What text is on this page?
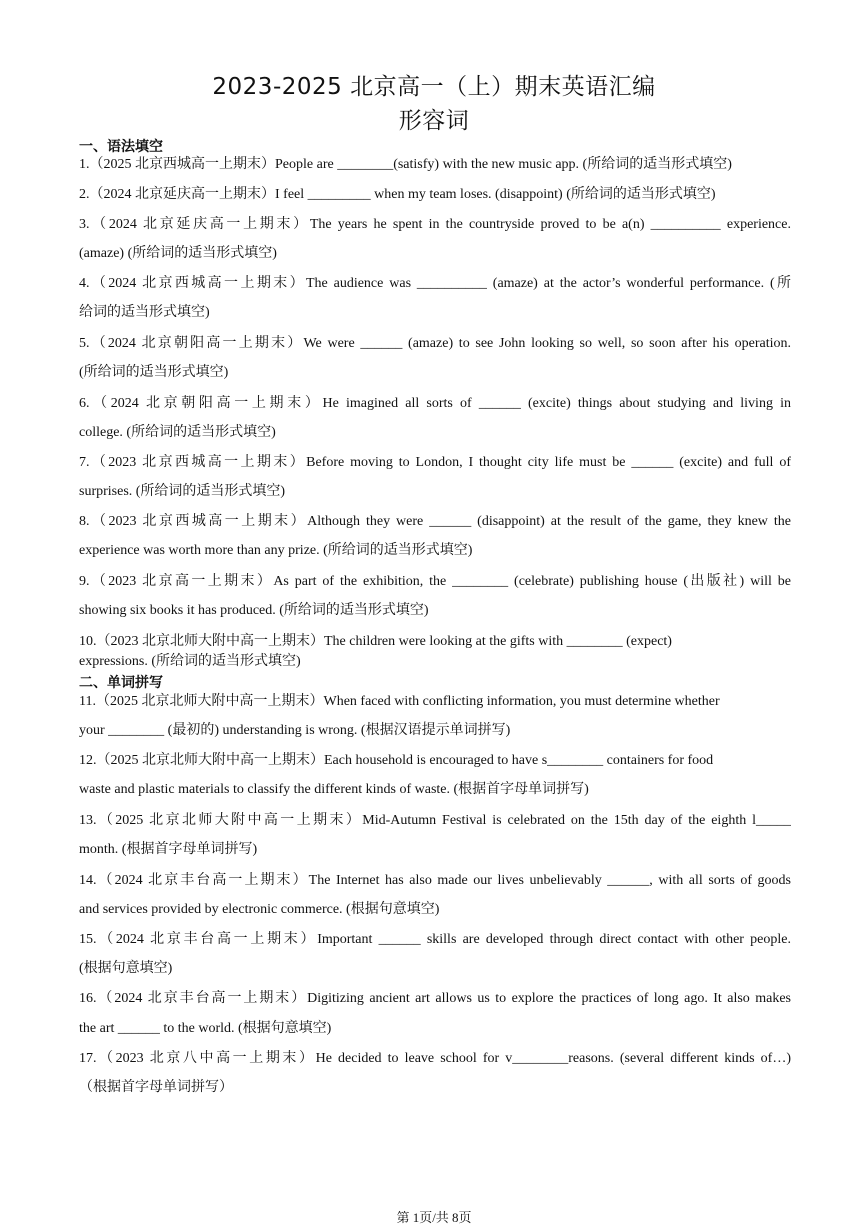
2023-2025 北京高一（上）期末英语汇编
形容词
一、语法填空
1.（2025 北京西城高一上期末）People are ________(satisfy) with the new music app. (所给词的适当形式填空)
2.（2024 北京延庆高一上期末）I feel _________ when my team loses. (disappoint) (所给词的适当形式填空)
3.（2024 北京延庆高一上期末）The years he spent in the countryside proved to be a(n) __________ experience.
(amaze) (所给词的适当形式填空)
4.（2024 北京西城高一上期末）The audience was __________ (amaze) at the actor’s wonderful performance. (所
给词的适当形式填空)
5.（2024 北京朝阳高一上期末）We were ______ (amaze) to see John looking so well, so soon after his operation.
(所给词的适当形式填空)
6.（2024 北京朝阳高一上期末）He imagined all sorts of ______ (excite) things about studying and living in
college. (所给词的适当形式填空)
7.（2023 北京西城高一上期末）Before moving to London, I thought city life must be ______ (excite) and full of
surprises. (所给词的适当形式填空)
8.（2023 北京西城高一上期末）Although they were ______ (disappoint) at the result of the game, they knew the
experience was worth more than any prize. (所给词的适当形式填空)
9.（2023 北京高一上期末）As part of the exhibition, the ________ (celebrate) publishing house (出版社) will be
showing six books it has produced. (所给词的适当形式填空)
10.（2023 北京北师大附中高一上期末）The children were looking at the gifts with ________ (expect)
expressions. (所给词的适当形式填空)
二、单词拼写
11.（2025 北京北师大附中高一上期末）When faced with conflicting information, you must determine whether
your ________ (最初的) understanding is wrong. (根据汉语提示单词拼写)
12.（2025 北京北师大附中高一上期末）Each household is encouraged to have s________ containers for food
waste and plastic materials to classify the different kinds of waste. (根据首字母单词拼写)
13.（2025 北京北师大附中高一上期末）Mid-Autumn Festival is celebrated on the 15th day of the eighth l_____
month. (根据首字母单词拼写)
14.（2024 北京丰台高一上期末）The Internet has also made our lives unbelievably ______, with all sorts of goods
and services provided by electronic commerce. (根据句意填空)
15.（2024 北京丰台高一上期末）Important ______ skills are developed through direct contact with other people.
(根据句意填空)
16.（2024 北京丰台高一上期末）Digitizing ancient art allows us to explore the practices of long ago. It also makes
the art ______ to the world. (根据句意填空)
17.（2023 北京八中高一上期末）He decided to leave school for v________reasons. (several different kinds of…)
（根据首字母单词拼写）
第 1页/共 8页
